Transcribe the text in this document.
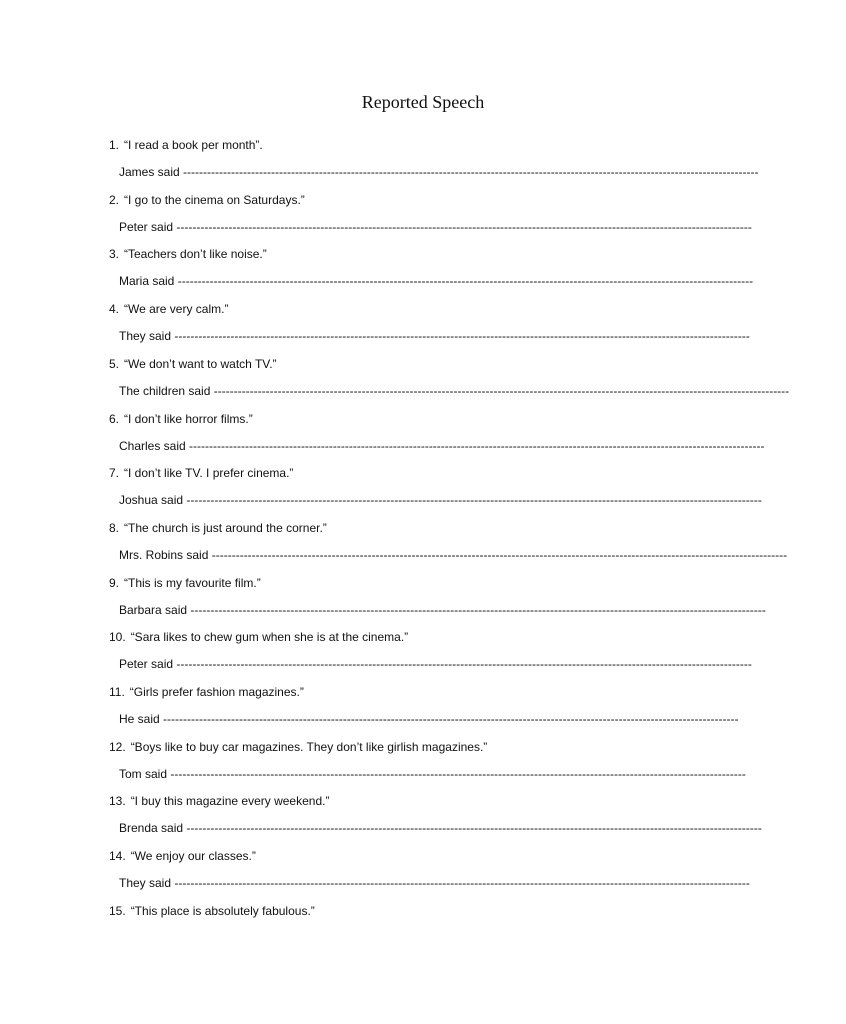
Reported Speech
1. “I read a book per month”.
James said ------------------------------------------------------------------------------------------------------------------------------------------------
2. “I go to the cinema on Saturdays.”
Peter said ------------------------------------------------------------------------------------------------------------------------------------------------
3. “Teachers don’t like noise.”
Maria said ------------------------------------------------------------------------------------------------------------------------------------------------
4. “We are very calm.”
They said ------------------------------------------------------------------------------------------------------------------------------------------------
5. “We don’t want to watch TV.”
The children said ------------------------------------------------------------------------------------------------------------------------------------------------
6. “I don’t like horror films.”
Charles said ------------------------------------------------------------------------------------------------------------------------------------------------
7. “I don’t like TV. I prefer cinema.”
Joshua said ------------------------------------------------------------------------------------------------------------------------------------------------
8. “The church is just around the corner.”
Mrs. Robins said ------------------------------------------------------------------------------------------------------------------------------------------------
9. “This is my favourite film.”
Barbara said ------------------------------------------------------------------------------------------------------------------------------------------------
10. “Sara likes to chew gum when she is at the cinema.”
Peter said ------------------------------------------------------------------------------------------------------------------------------------------------
11. “Girls prefer fashion magazines.”
He said ------------------------------------------------------------------------------------------------------------------------------------------------
12. “Boys like to buy car magazines. They don’t like girlish magazines.”
Tom said ------------------------------------------------------------------------------------------------------------------------------------------------
13. “I buy this magazine every weekend.”
Brenda said ------------------------------------------------------------------------------------------------------------------------------------------------
14. “We enjoy our classes.”
They said ------------------------------------------------------------------------------------------------------------------------------------------------
15. “This place is absolutely fabulous.”
